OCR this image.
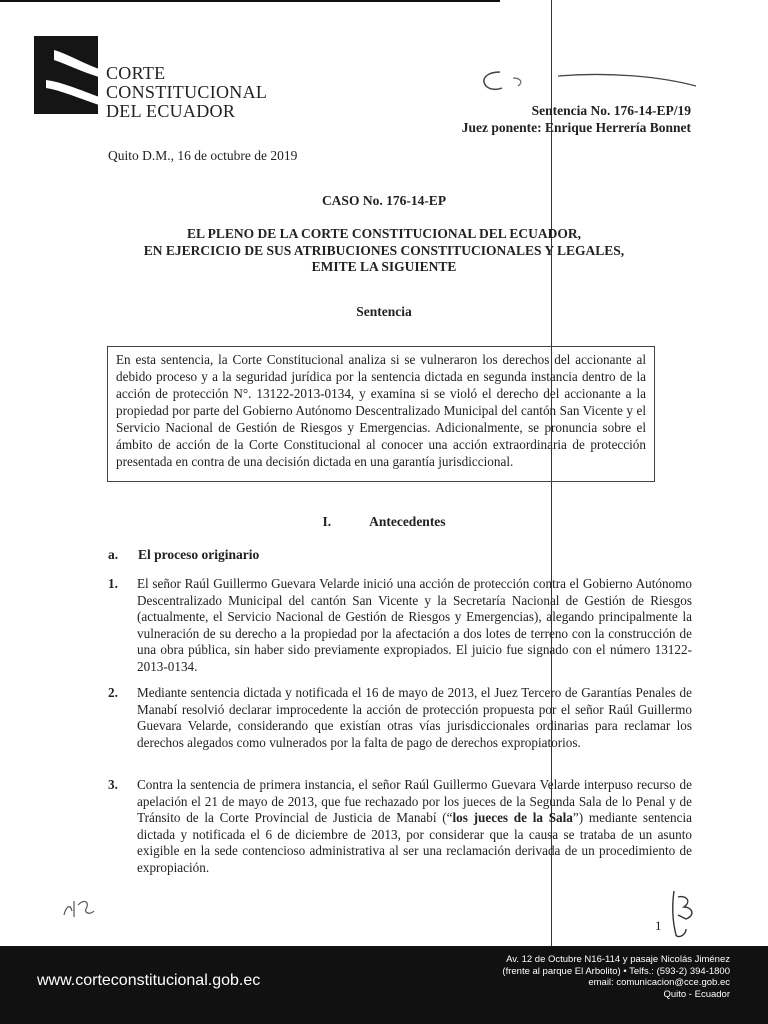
CORTE
CONSTITUCIONAL
DEL ECUADOR	Sentencia No. 176-14-EP/19
Juez ponente: Enrique Herrería Bonnet
Quito D.M., 16 de octubre de 2019
CASO No. 176-14-EP
EL PLENO DE LA CORTE CONSTITUCIONAL DEL ECUADOR,
EN EJERCICIO DE SUS ATRIBUCIONES CONSTITUCIONALES Y LEGALES,
EMITE LA SIGUIENTE
Sentencia
En esta sentencia, la Corte Constitucional analiza si se vulneraron los derechos del accionante al debido proceso y a la seguridad jurídica por la sentencia dictada en segunda instancia dentro de la acción de protección N°. 13122-2013-0134, y examina si se violó el derecho del accionante a la propiedad por parte del Gobierno Autónomo Descentralizado Municipal del cantón San Vicente y el Servicio Nacional de Gestión de Riesgos y Emergencias. Adicionalmente, se pronuncia sobre el ámbito de acción de la Corte Constitucional al conocer una acción extraordinaria de protección presentada en contra de una decisión dictada en una garantía jurisdiccional.
I.	Antecedentes
a. El proceso originario
1. El señor Raúl Guillermo Guevara Velarde inició una acción de protección contra el Gobierno Autónomo Descentralizado Municipal del cantón San Vicente y la Secretaría Nacional de Gestión de Riesgos (actualmente, el Servicio Nacional de Gestión de Riesgos y Emergencias), alegando principalmente la vulneración de su derecho a la propiedad por la afectación a dos lotes de terreno con la construcción de una obra pública, sin haber sido previamente expropiados. El juicio fue signado con el número 13122-2013-0134.
2. Mediante sentencia dictada y notificada el 16 de mayo de 2013, el Juez Tercero de Garantías Penales de Manabí resolvió declarar improcedente la acción de protección propuesta por el señor Raúl Guillermo Guevara Velarde, considerando que existían otras vías jurisdiccionales ordinarias para reclamar los derechos alegados como vulnerados por la falta de pago de derechos expropiatorios.
3. Contra la sentencia de primera instancia, el señor Raúl Guillermo Guevara Velarde interpuso recurso de apelación el 21 de mayo de 2013, que fue rechazado por los jueces de la Segunda Sala de lo Penal y de Tránsito de la Corte Provincial de Justicia de Manabí (“los jueces de la Sala”) mediante sentencia dictada y notificada el 6 de diciembre de 2013, por considerar que la causa se trataba de un asunto exigible en la sede contencioso administrativa al ser una reclamación derivada de un procedimiento de expropiación.
1
www.corteconstitucional.gob.ec
Av. 12 de Octubre N16-114 y pasaje Nicolás Jiménez
(frente al parque El Arbolito) • Telfs.: (593-2) 394-1800
email: comunicacion@cce.gob.ec
Quito - Ecuador
